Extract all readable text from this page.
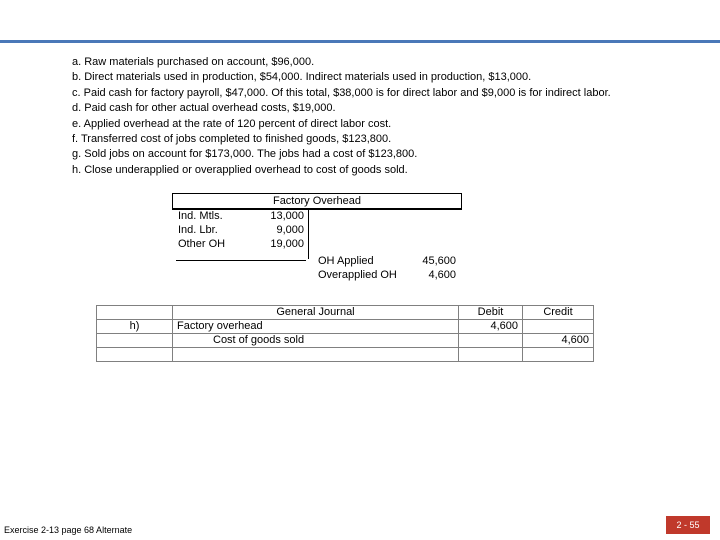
a. Raw materials purchased on account, $96,000.
b. Direct materials used in production, $54,000. Indirect materials used in production, $13,000.
c. Paid cash for factory payroll, $47,000. Of this total, $38,000 is for direct labor and $9,000 is for indirect labor.
d. Paid cash for other actual overhead costs, $19,000.
e. Applied overhead at the rate of 120 percent of direct labor cost.
f. Transferred cost of jobs completed to finished goods, $123,800.
g. Sold jobs on account for $173,000. The jobs had a cost of $123,800.
h. Close underapplied or overapplied overhead to cost of goods sold.
Factory Overhead
Ind. Mtls.	13,000
Ind. Lbr.	9,000
Other OH	19,000
OH Applied	45,600
Overapplied OH	4,600
	General Journal	Debit	Credit
h)	Factory overhead	4,600	
	Cost of goods sold		4,600

Exercise 2-13 page 68 Alternate	2 - 55
